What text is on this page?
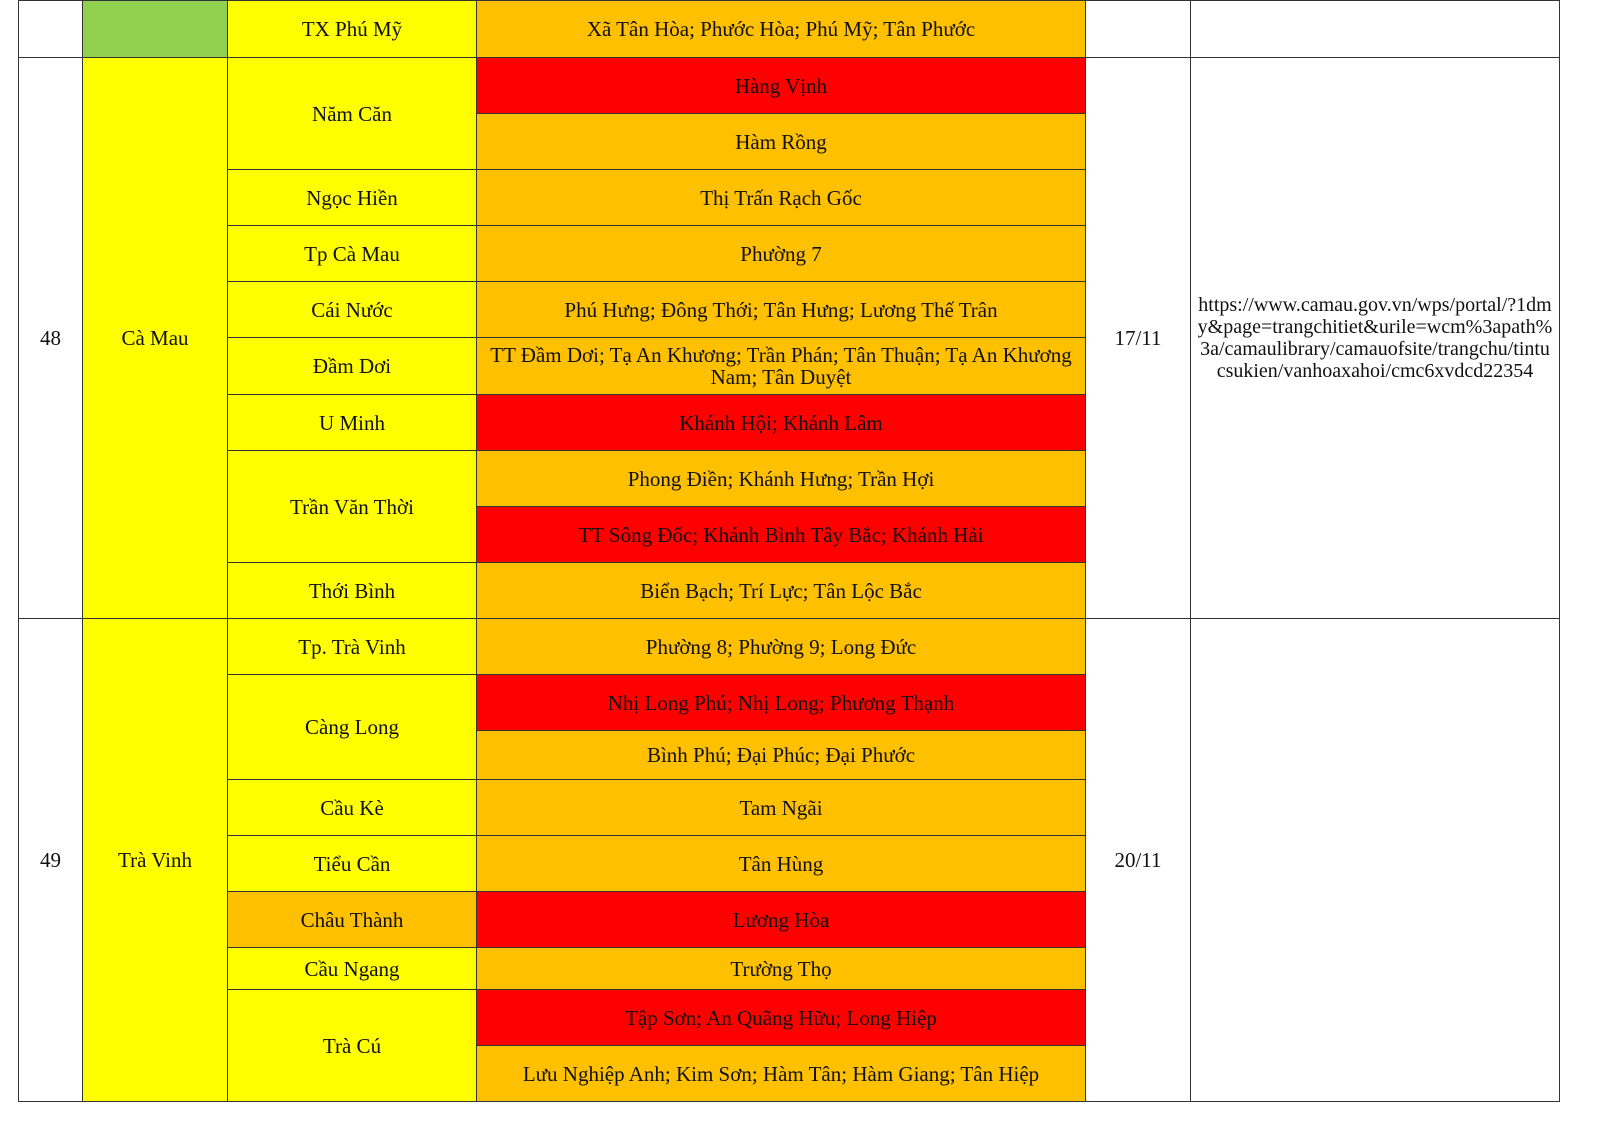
		TX Phú Mỹ	Xã Tân Hòa; Phước Hòa; Phú Mỹ; Tân Phước		
48	Cà Mau	Năm Căn	Hàng Vịnh	17/11	https://www.camau.gov.vn/wps/portal/?1dmy&page=trangchitiet&urile=wcm%3apath%3a/camaulibrary/camauofsite/trangchu/tintucsukien/vanhoaxahoi/cmc6xvdcd22354
			Hàm Rồng		
		Ngọc Hiền	Thị Trấn Rạch Gốc		
		Tp Cà Mau	Phường 7		
		Cái Nước	Phú Hưng; Đông Thới; Tân Hưng; Lương Thế Trân		
		Đầm Dơi	TT Đầm Dơi; Tạ An Khương; Trần Phán; Tân Thuận; Tạ An Khương Nam; Tân Duyệt		
		U Minh	Khánh Hội; Khánh Lâm		
		Trần Văn Thời	Phong Điền; Khánh Hưng; Trần Hợi		
			TT Sông Đốc; Khánh Bình Tây Bắc; Khánh Hải		
		Thới Bình	Biển Bạch; Trí Lực; Tân Lộc Bắc		
49	Trà Vinh	Tp. Trà Vinh	Phường 8; Phường 9; Long Đức	20/11	
		Càng Long	Nhị Long Phú; Nhị Long; Phương Thạnh		
			Bình Phú; Đại Phúc; Đại Phước		
		Cầu Kè	Tam Ngãi		
		Tiểu Cần	Tân Hùng		
		Châu Thành	Lương Hòa		
		Cầu Ngang	Trường Thọ		
		Trà Cú	Tập Sơn; An Quãng Hữu; Long Hiệp		
			Lưu Nghiệp Anh; Kim Sơn; Hàm Tân; Hàm Giang; Tân Hiệp		
